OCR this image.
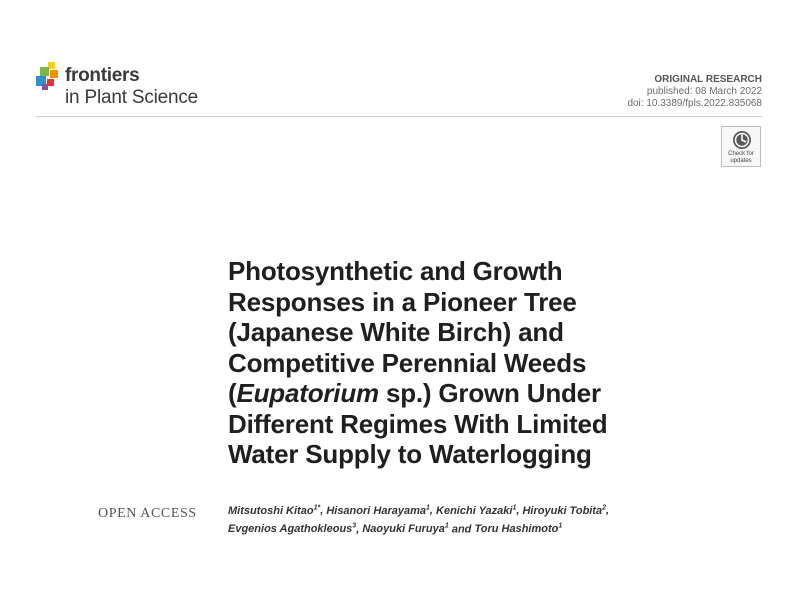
frontiers
in Plant Science
ORIGINAL RESEARCH
published: 08 March 2022
doi: 10.3389/fpls.2022.835068
Check for
updates
Photosynthetic and Growth
Responses in a Pioneer Tree
(Japanese White Birch) and
Competitive Perennial Weeds
(Eupatorium sp.) Grown Under
Different Regimes With Limited
Water Supply to Waterlogging
OPEN ACCESS	Mitsutoshi Kitao$^{1*}$, Hisanori Harayama$^1$, Kenichi Yazaki$^1$, Hiroyuki Tobita$^2$,
Evgenios Agathokleous$^3$, Naoyuki Furuya$^1$ and Toru Hashimoto$^1$
